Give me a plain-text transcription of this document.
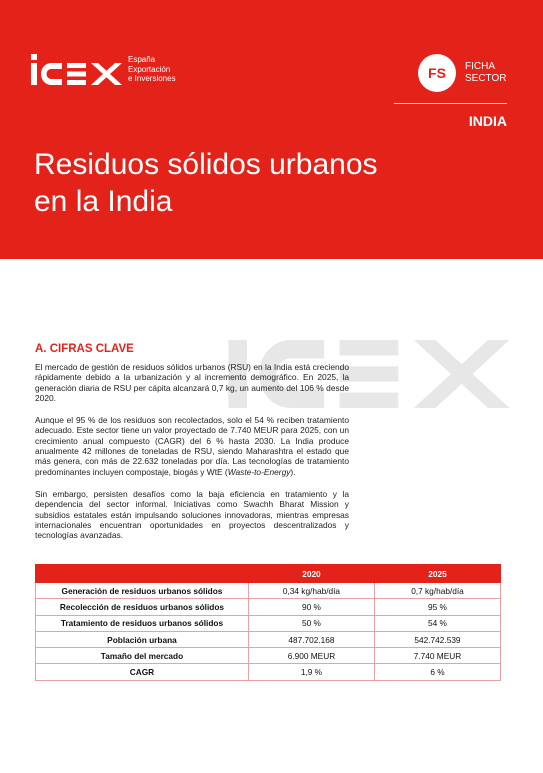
España
Exportación
e Inversiones	FS	FICHA
SECTOR
INDIA
Residuos sólidos urbanos
en la India
A. CIFRAS CLAVE

El mercado de gestión de residuos sólidos urbanos (RSU) en la India está creciendo rápidamente debido a la urbanización y al incremento demográfico. En 2025, la generación diaria de RSU per cápita alcanzará 0,7 kg, un aumento del 106 % desde 2020.

Aunque el 95 % de los residuos son recolectados, solo el 54 % reciben tratamiento adecuado. Este sector tiene un valor proyectado de 7.740 MEUR para 2025, con un crecimiento anual compuesto (CAGR) del 6 % hasta 2030. La India produce anualmente 42 millones de toneladas de RSU, siendo Maharashtra el estado que más genera, con más de 22.632 toneladas por día. Las tecnologías de tratamiento predominantes incluyen compostaje, biogás y WtE (Waste-to-Energy).

Sin embargo, persisten desafíos como la baja eficiencia en tratamiento y la dependencia del sector informal. Iniciativas como Swachh Bharat Mission y subsidios estatales están impulsando soluciones innovadoras, mientras empresas internacionales encuentran oportunidades en proyectos descentralizados y tecnologías avanzadas.

	2020	2025
Generación de residuos urbanos sólidos	0,34 kg/hab/día	0,7 kg/hab/día
Recolección de residuos urbanos sólidos	90 %	95 %
Tratamiento de residuos urbanos sólidos	50 %	54 %
Población urbana	487.702.168	542.742.539
Tamaño del mercado	6.900 MEUR	7.740 MEUR
CAGR	1,9 %	6 %
